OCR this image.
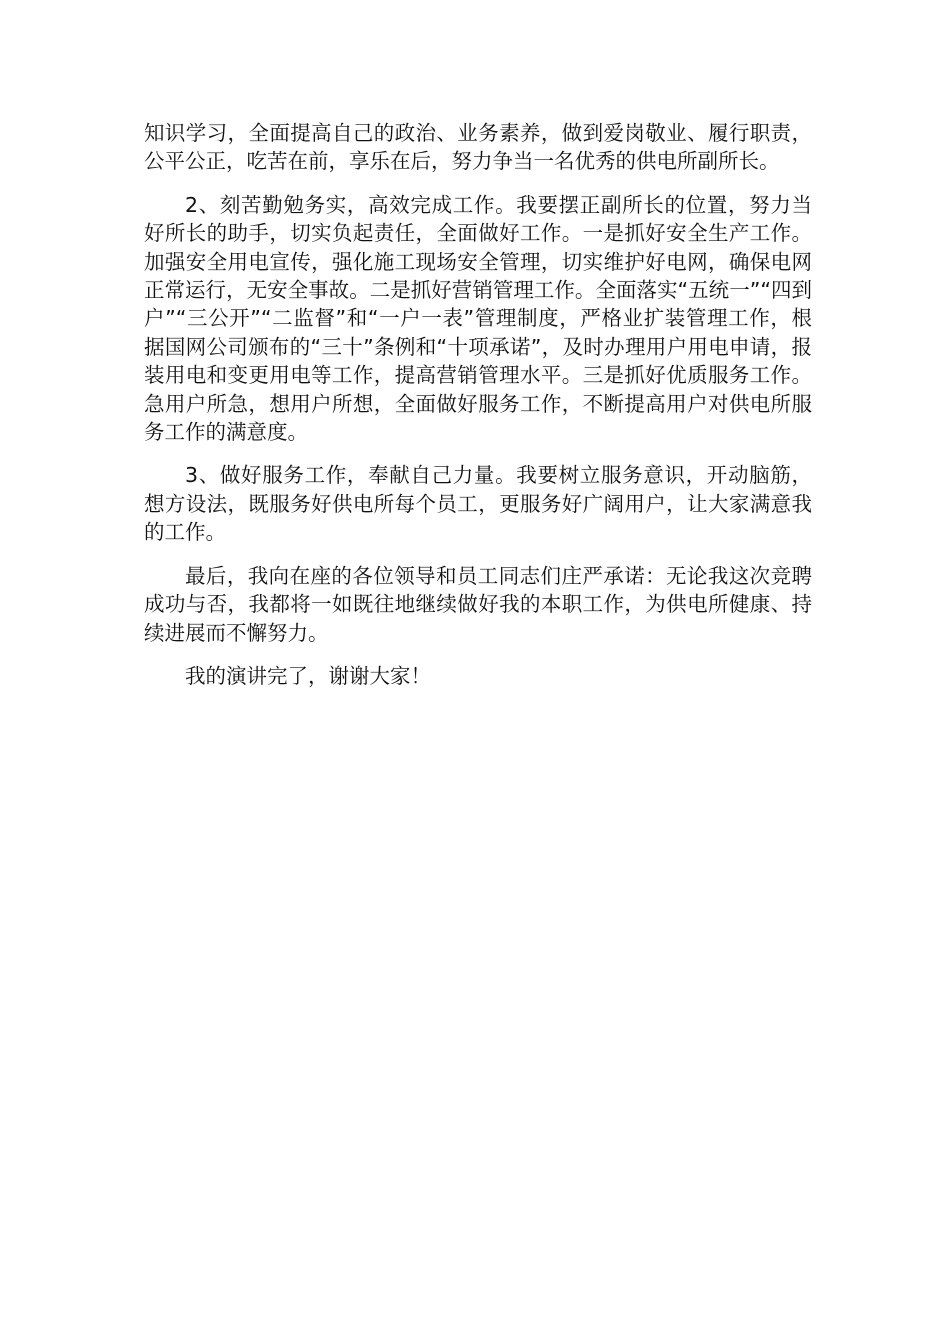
知识学习，全面提高自己的政治、业务素养，做到爱岗敬业、履行职责，公平公正，吃苦在前，享乐在后，努力争当一名优秀的供电所副所长。

2、刻苦勤勉务实，高效完成工作。我要摆正副所长的位置，努力当好所长的助手，切实负起责任，全面做好工作。一是抓好安全生产工作。加强安全用电宣传，强化施工现场安全管理，切实维护好电网，确保电网正常运行，无安全事故。二是抓好营销管理工作。全面落实“五统一”“四到户”“三公开”“二监督”和“一户一表”管理制度，严格业扩装管理工作，根据国网公司颁布的“三十”条例和“十项承诺”，及时办理用户用电申请，报装用电和变更用电等工作，提高营销管理水平。三是抓好优质服务工作。急用户所急，想用户所想，全面做好服务工作，不断提高用户对供电所服务工作的满意度。

3、做好服务工作，奉献自己力量。我要树立服务意识，开动脑筋，想方设法，既服务好供电所每个员工，更服务好广阔用户，让大家满意我的工作。

最后，我向在座的各位领导和员工同志们庄严承诺：无论我这次竞聘成功与否，我都将一如既往地继续做好我的本职工作，为供电所健康、持续进展而不懈努力。

我的演讲完了，谢谢大家！
